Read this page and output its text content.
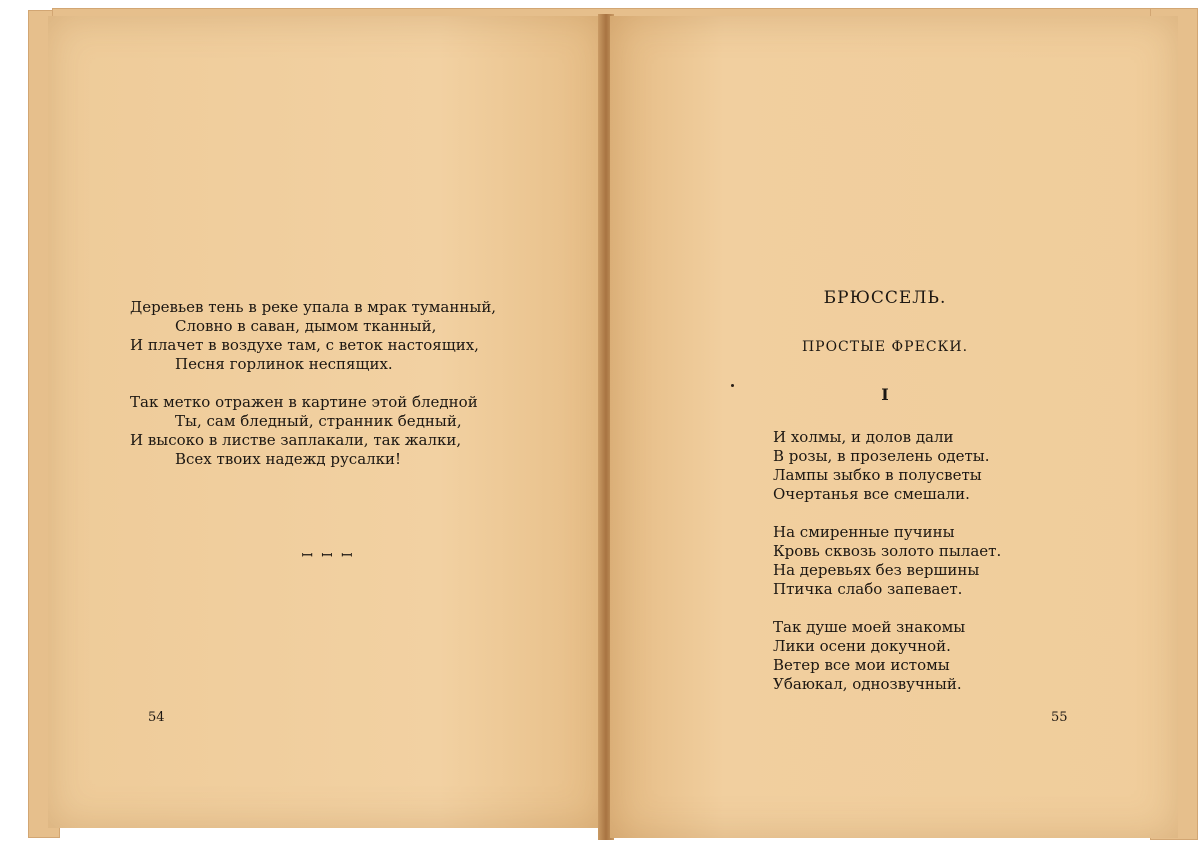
Деревьев тень в реке упала в мрак туманный,
Словно в саван, дымом тканный,
И плачет в воздухе там, с веток настоящих,
Песня горлинок неспящих.
Так метко отражен в картине этой бледной
Ты, сам бледный, странник бедный,
И высоко в листве заплакали, так жалки,
Всех твоих надежд русалки!
ꟷ ꟷ ꟷ
54
БРЮССЕЛЬ.
ПРОСТЫЕ ФРЕСКИ.
I
И холмы, и долов дали
В розы, в прозелень одеты.
Лампы зыбко в полусветы
Очертанья все смешали.
На смиренные пучины
Кровь сквозь золото пылает.
На деревьях без вершины
Птичка слабо запевает.
Так душе моей знакомы
Лики осени докучной.
Ветер все мои истомы
Убаюкал, однозвучный.
55
